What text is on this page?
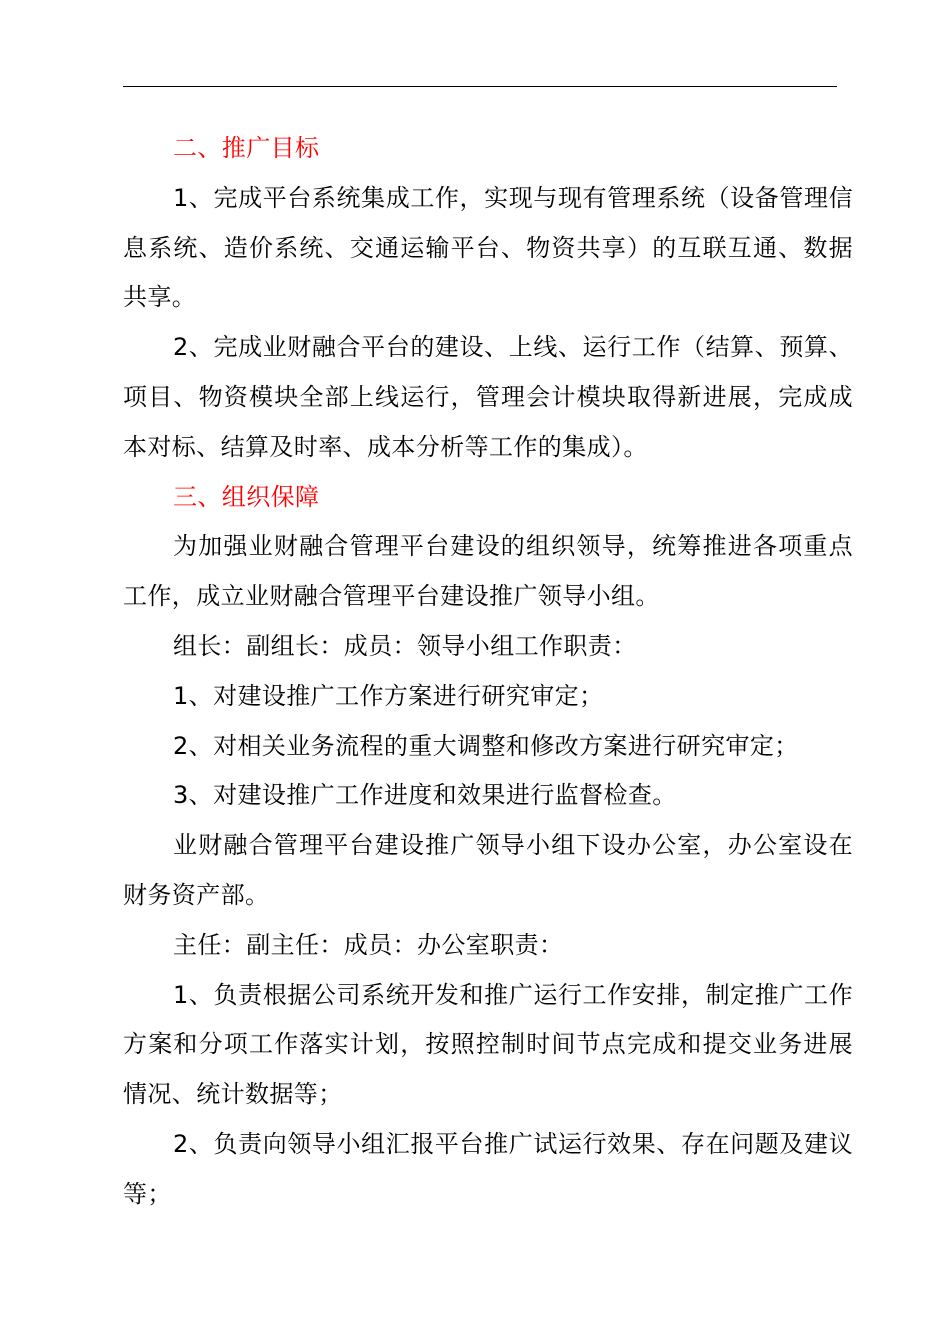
二、推广目标

1、完成平台系统集成工作，实现与现有管理系统（设备管理信息系统、造价系统、交通运输平台、物资共享）的互联互通、数据共享。

2、完成业财融合平台的建设、上线、运行工作（结算、预算、项目、物资模块全部上线运行，管理会计模块取得新进展，完成成本对标、结算及时率、成本分析等工作的集成）。

三、组织保障

为加强业财融合管理平台建设的组织领导，统筹推进各项重点工作，成立业财融合管理平台建设推广领导小组。

组长：副组长：成员：领导小组工作职责：

1、对建设推广工作方案进行研究审定；

2、对相关业务流程的重大调整和修改方案进行研究审定；

3、对建设推广工作进度和效果进行监督检查。

业财融合管理平台建设推广领导小组下设办公室，办公室设在财务资产部。

主任：副主任：成员：办公室职责：

1、负责根据公司系统开发和推广运行工作安排，制定推广工作方案和分项工作落实计划，按照控制时间节点完成和提交业务进展情况、统计数据等；

2、负责向领导小组汇报平台推广试运行效果、存在问题及建议等；
